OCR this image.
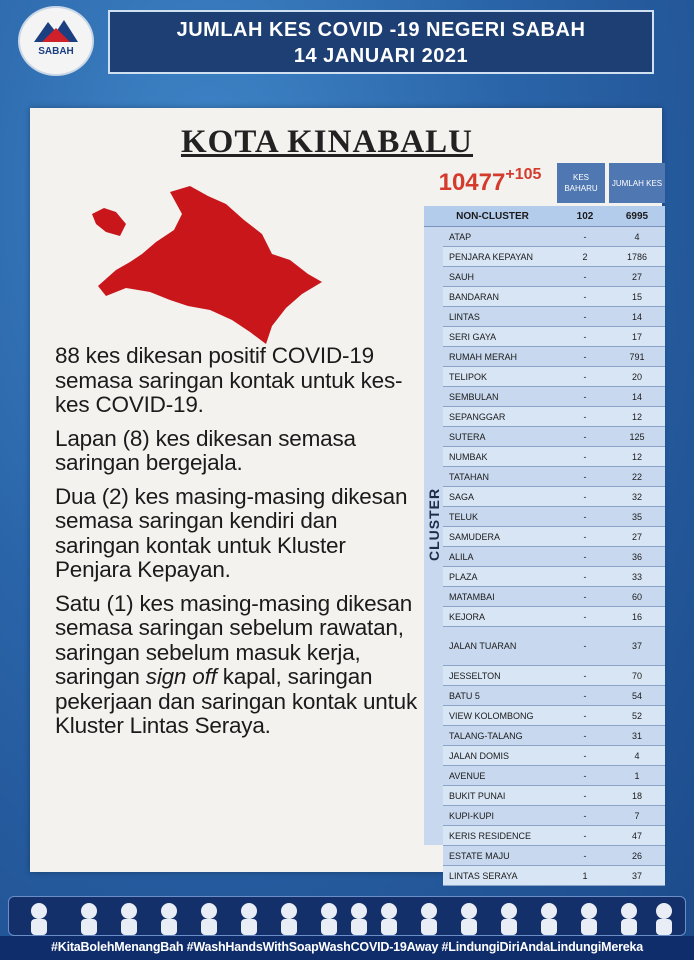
SABAH
JUMLAH KES COVID -19 NEGERI SABAH
14 JANUARI 2021
KOTA KINABALU

88 kes dikesan positif COVID-19 semasa saringan kontak untuk kes-kes COVID-19.

Lapan (8) kes dikesan semasa saringan bergejala.

Dua (2) kes masing-masing dikesan semasa saringan kendiri dan saringan kontak untuk Kluster Penjara Kepayan.

Satu (1) kes masing-masing dikesan semasa saringan sebelum rawatan, saringan sebelum masuk kerja, saringan sign off kapal, saringan pekerjaan dan saringan kontak untuk Kluster Lintas Seraya.

10477 +105	KES BAHARU
JUMLAH KES
NON-CLUSTER	102	6995
CLUSTER
ATAP	-	4
PENJARA KEPAYAN	2	1786
SAUH	-	27
BANDARAN	-	15
LINTAS	-	14
SERI GAYA	-	17
RUMAH MERAH	-	791
TELIPOK	-	20
SEMBULAN	-	14
SEPANGGAR	-	12
SUTERA	-	125
NUMBAK	-	12
TATAHAN	-	22
SAGA	-	32
TELUK	-	35
SAMUDERA	-	27
ALILA	-	36
PLAZA	-	33
MATAMBAI	-	60
KEJORA	-	16
JALAN TUARAN	-	37
JESSELTON	-	70
BATU 5	-	54
VIEW KOLOMBONG	-	52
TALANG-TALANG	-	31
JALAN DOMIS	-	4
AVENUE	-	1
BUKIT PUNAI	-	18
KUPI-KUPI	-	7
KERIS RESIDENCE	-	47
ESTATE MAJU	-	26
LINTAS SERAYA	1	37
#KitaBolehMenangBah #WashHandsWithSoapWashCOVID-19Away #LindungiDiriAndaLindungiMereka
